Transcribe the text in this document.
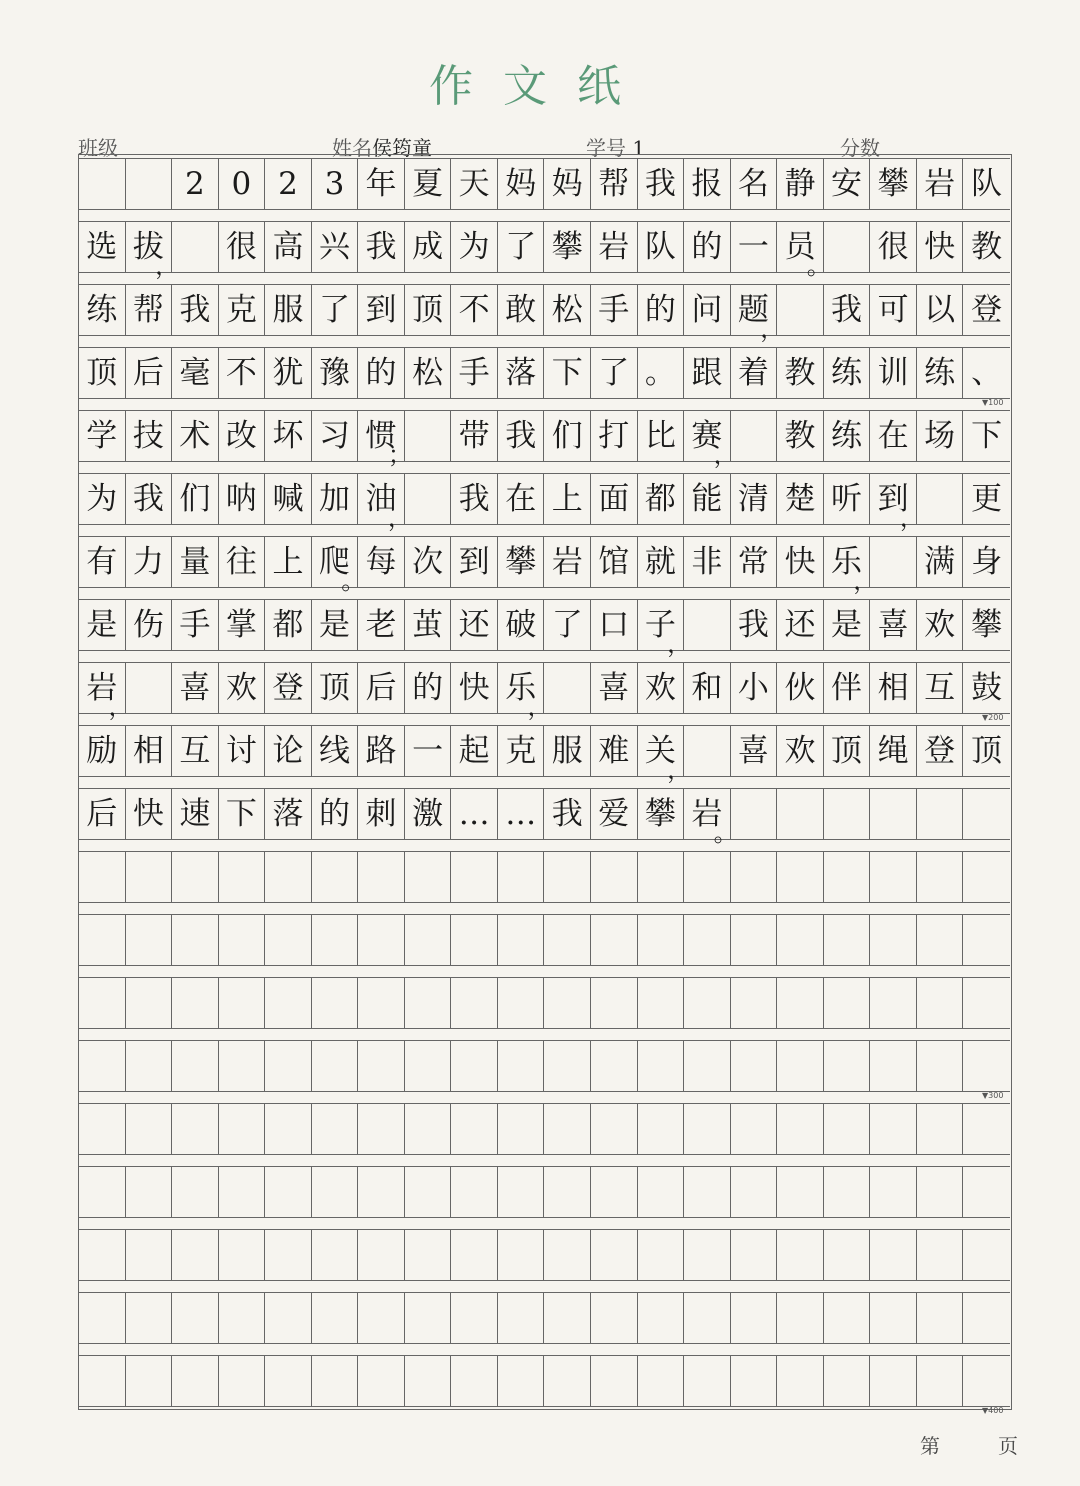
作文纸
班级	姓名侯筠童	学号 1	分数
2 0 2 3 年 夏 天 妈 妈 帮 我 报 名 静 安 攀 岩 队
选 拔
，
很 高 兴 我 成 为 了 攀 岩 队 的 一 员
。
很 快 教
练 帮 我 克 服 了 到 顶 不 敢 松 手 的 问 题
，
我 可 以 登
顶 后 毫 不 犹 豫 的 松 手 落 下 了 。 跟 着 教 练 训 练 、
学 技 术 改 坏 习 惯
；
带 我 们 打 比 赛
，
教 练 在 场 下
为 我 们 呐 喊 加 油
，
我 在 上 面 都 能 清 楚 听 到
，
更
有 力 量 往 上 爬
。
每 次 到 攀 岩 馆 就 非 常 快 乐
，
满 身
是 伤 手 掌 都 是 老 茧 还 破 了 口 子
，
我 还 是 喜 欢 攀
岩
，
喜 欢 登 顶 后 的 快 乐
，
喜 欢 和 小 伙 伴 相 互 鼓
励 相 互 讨 论 线 路 一 起 克 服 难 关
，
喜 欢 顶 绳 登 顶
后 快 速 下 落 的 刺 激 … … 我 爱 攀 岩
。
第	页
▼100
▼200
▼300
▼400
